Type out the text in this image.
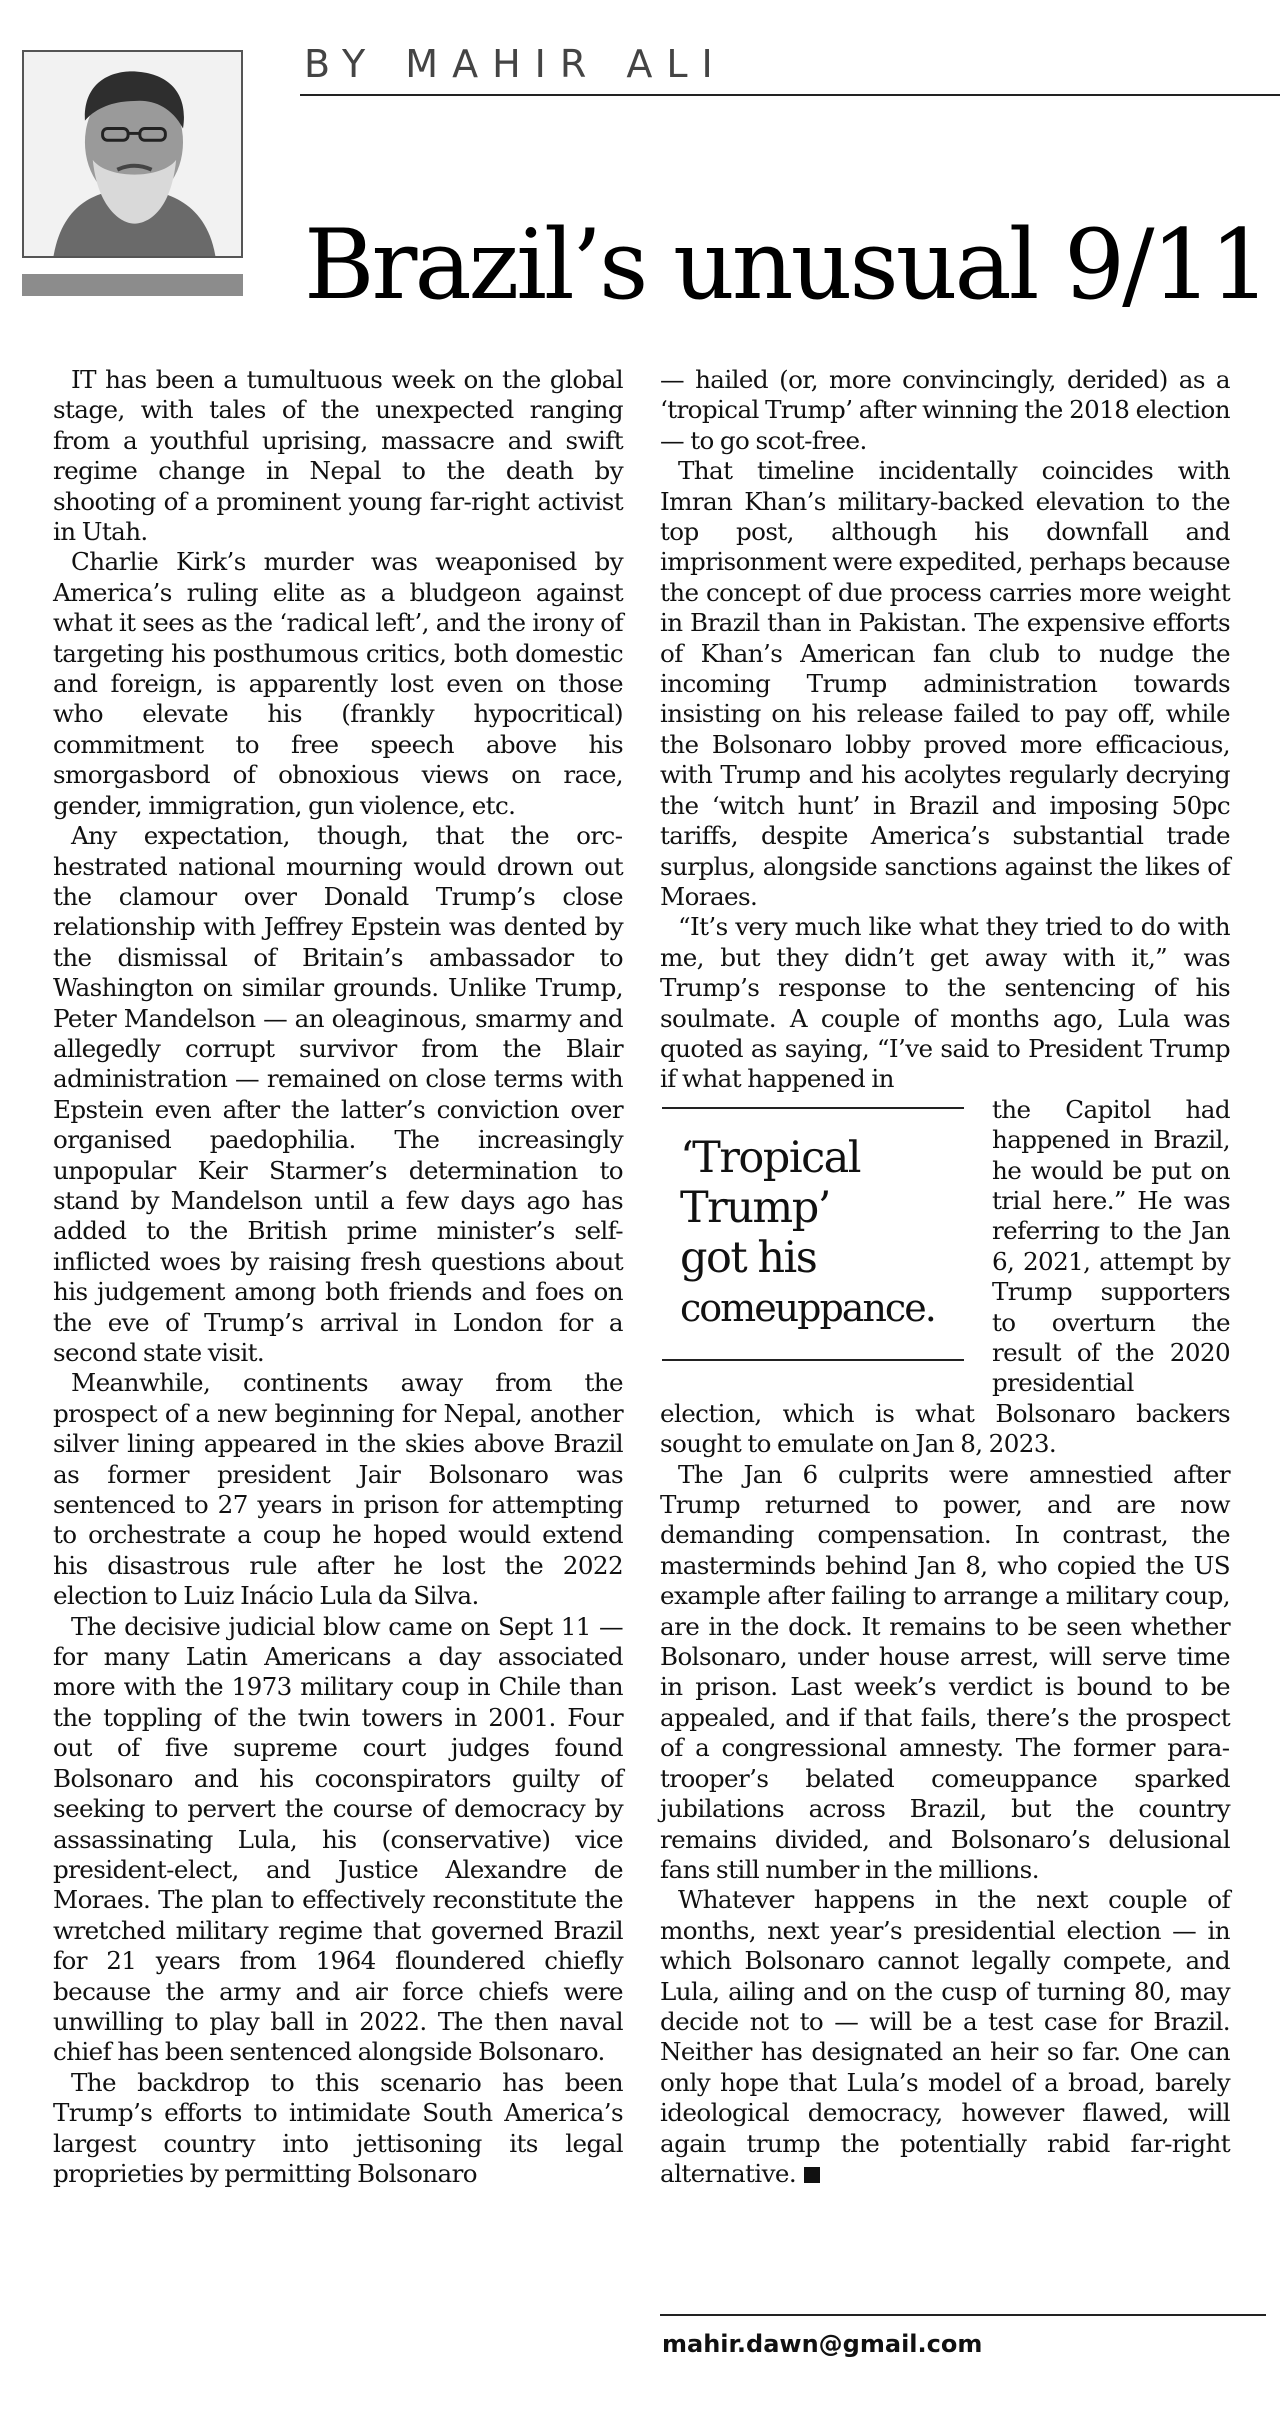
BY MAHIR ALI
Brazil’s unusual 9/11

IT has been a tumultuous week on the global stage, with tales of the unexpected ranging from a youthful uprising, massacre and swift regime change in Nepal to the death by shooting of a prominent young far-right activist in Utah.

Charlie Kirk’s murder was weaponised by America’s ruling elite as a bludgeon against what it sees as the ‘radical left’, and the irony of targeting his posthumous critics, both domestic and foreign, is apparently lost even on those who elevate his (frankly hypocritical) commitment to free speech above his smorgasbord of obnoxious views on race, gender, immigration, gun violence, etc.

Any expectation, though, that the orchestrated national mourning would drown out the clamour over Donald Trump’s close relationship with Jeffrey Epstein was dented by the dismissal of Britain’s ambassador to Washington on similar grounds. Unlike Trump, Peter Mandelson — an oleaginous, smarmy and allegedly corrupt survivor from the Blair administration — remained on close terms with Epstein even after the latter’s conviction over organised paedophilia. The increasingly unpopular Keir Starmer’s determination to stand by Mandelson until a few days ago has added to the British prime minister’s self-inflicted woes by raising fresh questions about his judgement among both friends and foes on the eve of Trump’s arrival in London for a second state visit.

Meanwhile, continents away from the prospect of a new beginning for Nepal, another silver lining appeared in the skies above Brazil as former president Jair Bolsonaro was sentenced to 27 years in prison for attempting to orchestrate a coup he hoped would extend his disastrous rule after he lost the 2022 election to Luiz Inácio Lula da Silva.

The decisive judicial blow came on Sept 11 — for many Latin Americans a day associated more with the 1973 military coup in Chile than the toppling of the twin towers in 2001. Four out of five supreme court judges found Bolsonaro and his coconspirators guilty of seeking to pervert the course of democracy by assassinating Lula, his (conservative) vice president-elect, and Justice Alexandre de Moraes. The plan to effectively reconstitute the wretched military regime that governed Brazil for 21 years from 1964 floundered chiefly because the army and air force chiefs were unwilling to play ball in 2022. The then naval chief has been sentenced alongside Bolsonaro.

The backdrop to this scenario has been Trump’s efforts to intimidate South America’s largest country into jettisoning its legal proprieties by permitting Bolsonaro

— hailed (or, more convincingly, derided) as a ‘tropical Trump’ after winning the 2018 election — to go scot-free.

That timeline incidentally coincides with Imran Khan’s military-backed elevation to the top post, although his downfall and imprisonment were expedited, perhaps because the concept of due process carries more weight in Brazil than in Pakistan. The expensive efforts of Khan’s American fan club to nudge the incoming Trump administration towards insisting on his release failed to pay off, while the Bolsonaro lobby proved more efficacious, with Trump and his acolytes regularly decrying the ‘witch hunt’ in Brazil and imposing 50pc tariffs, despite America’s substantial trade surplus, alongside sanctions against the likes of Moraes.

“It’s very much like what they tried to do with me, but they didn’t get away with it,” was Trump’s response to the sentencing of his soulmate. A couple of months ago, Lula was quoted as saying, “I’ve said to President Trump if what happened in

‘Tropical
Trump’
got his
comeuppance.

the Capitol had happened in Brazil, he would be put on trial here.” He was referring to the Jan 6, 2021, attempt by Trump supporters to overturn the result of the 2020 presidential election, which is what Bolsonaro backers sought to emulate on Jan 8, 2023.

The Jan 6 culprits were amnestied after Trump returned to power, and are now demanding compensation. In contrast, the masterminds behind Jan 8, who copied the US example after failing to arrange a military coup, are in the dock. It remains to be seen whether Bolsonaro, under house arrest, will serve time in prison. Last week’s verdict is bound to be appealed, and if that fails, there’s the prospect of a congressional amnesty. The former paratrooper’s belated comeuppance sparked jubilations across Brazil, but the country remains divided, and Bolsonaro’s delusional fans still number in the millions.

Whatever happens in the next couple of months, next year’s presidential election — in which Bolsonaro cannot legally compete, and Lula, ailing and on the cusp of turning 80, may decide not to — will be a test case for Brazil. Neither has designated an heir so far. One can only hope that Lula’s model of a broad, barely ideological democracy, however flawed, will again trump the potentially rabid far-right alternative.

mahir.dawn@gmail.com
